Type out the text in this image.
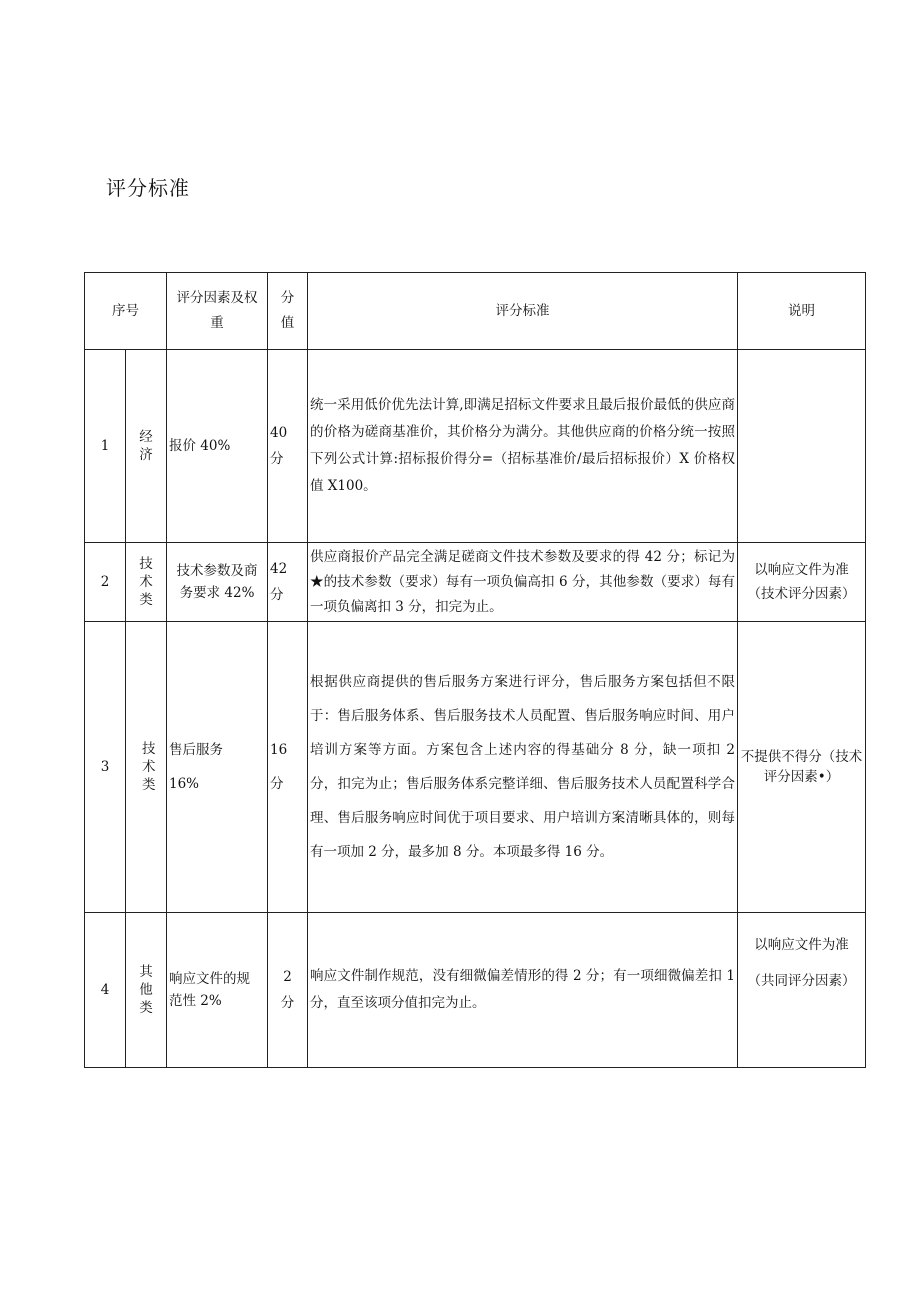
评分标准
序号		评分因素及权重	分值	评分标准	说明
1	经济	报价 40%	40分	统一采用低价优先法计算,即满足招标文件要求且最后报价最低的供应商的价格为磋商基准价，其价格分为满分。其他供应商的价格分统一按照下列公式计算:招标报价得分=（招标基准价/最后招标报价）X 价格权值 X100。	
2	技术类	技术参数及商务要求 42%	42分	供应商报价产品完全满足磋商文件技术参数及要求的得 42 分；标记为★的技术参数（要求）每有一项负偏高扣 6 分，其他参数（要求）每有一项负偏离扣 3 分，扣完为止。	以响应文件为准（技术评分因素）
3	技术类	售后服务 16%	16分	根据供应商提供的售后服务方案进行评分，售后服务方案包括但不限于：售后服务体系、售后服务技术人员配置、售后服务响应时间、用户培训方案等方面。方案包含上述内容的得基础分 8 分，缺一项扣 2 分，扣完为止；售后服务体系完整详细、售后服务技术人员配置科学合理、售后服务响应时间优于项目要求、用户培训方案清晰具体的，则每有一项加 2 分，最多加 8 分。本项最多得 16 分。	不提供不得分（技术评分因素•）
4	其他类	响应文件的规范性 2%	2分	响应文件制作规范，没有细微偏差情形的得 2 分；有一项细微偏差扣 1 分，直至该项分值扣完为止。	以响应文件为准（共同评分因素）
